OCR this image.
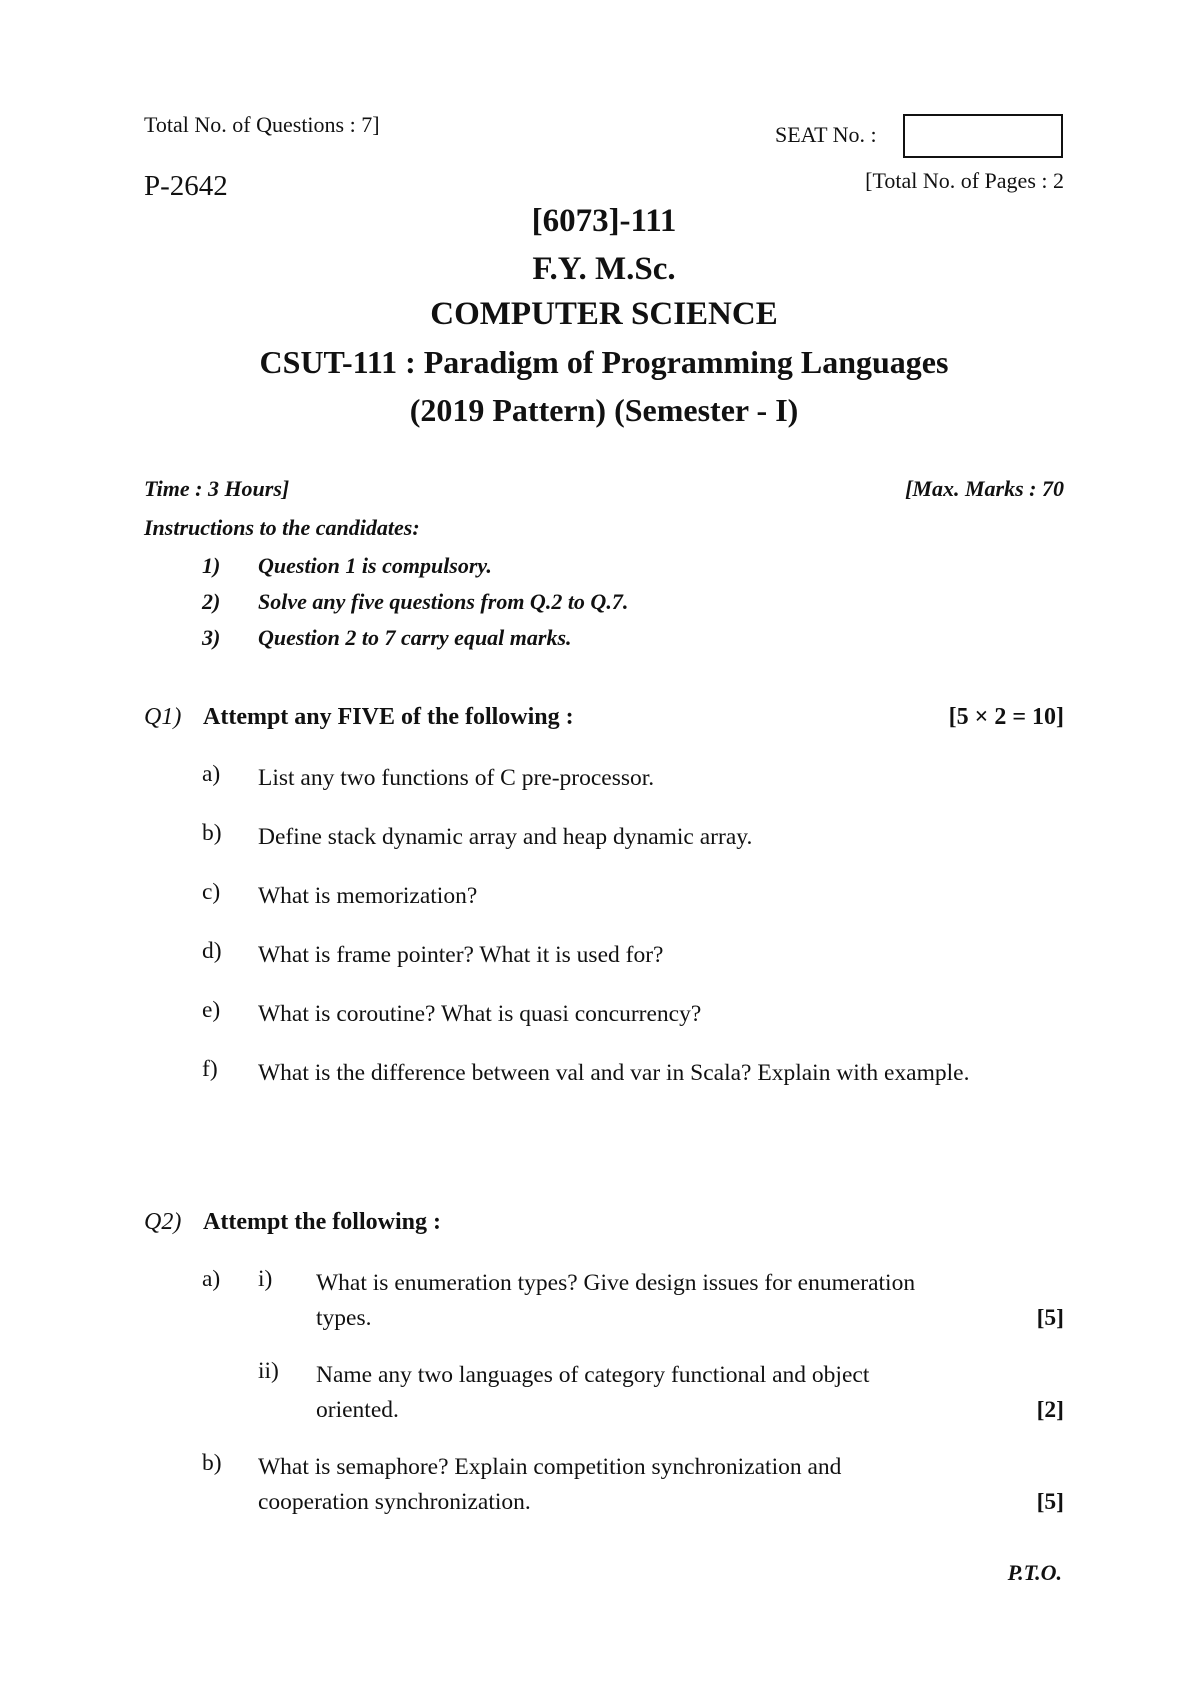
Total No. of Questions : 7]	SEAT No. :
P-2642	[Total No. of Pages : 2
[6073]-111
F.Y. M.Sc.
COMPUTER SCIENCE
CSUT-111 : Paradigm of Programming Languages
(2019 Pattern) (Semester - I)
Time : 3 Hours]	[Max. Marks : 70
Instructions to the candidates:
1) Question 1 is compulsory.
2) Solve any five questions from Q.2 to Q.7.
3) Question 2 to 7 carry equal marks.
Q1) Attempt any FIVE of the following :	[5 × 2 = 10]
a) List any two functions of C pre-processor.
b) Define stack dynamic array and heap dynamic array.
c) What is memorization?
d) What is frame pointer? What it is used for?
e) What is coroutine? What is quasi concurrency?
f) What is the difference between val and var in Scala? Explain with example.
Q2) Attempt the following :
a) i) What is enumeration types? Give design issues for enumeration
types.	[5]
ii) Name any two languages of category functional and object
oriented.	[2]
b) What is semaphore? Explain competition synchronization and
cooperation synchronization.	[5]
P.T.O.
